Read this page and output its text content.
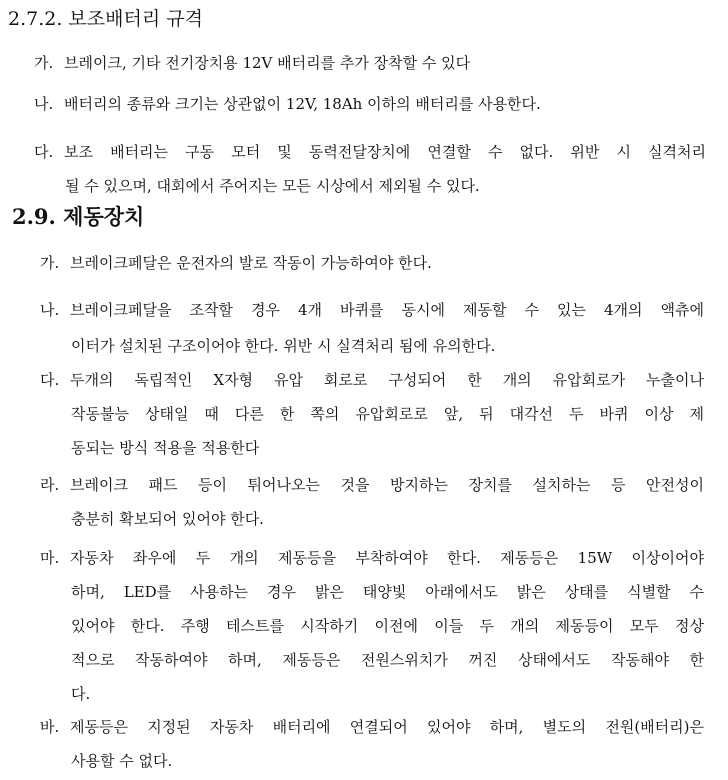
2.7.2. 보조배터리 규격
가. 브레이크, 기타 전기장치용 12V 배터리를 추가 장착할 수 있다
나. 배터리의 종류와 크기는 상관없이 12V, 18Ah 이하의 배터리를 사용한다.
다. 보조 배터리는 구동 모터 및 동력전달장치에 연결할 수 없다. 위반 시 실격처리
될 수 있으며, 대회에서 주어지는 모든 시상에서 제외될 수 있다.
2.9. 제동장치
가. 브레이크페달은 운전자의 발로 작동이 가능하여야 한다.
나. 브레이크페달을 조작할 경우 4개 바퀴를 동시에 제동할 수 있는 4개의 액츄에
이터가 설치된 구조이어야 한다. 위반 시 실격처리 됨에 유의한다.
다. 두개의 독립적인 X자형 유압 회로로 구성되어 한 개의 유압회로가 누출이나
작동불능 상태일 때 다른 한 쪽의 유압회로로 앞, 뒤 대각선 두 바퀴 이상 제
동되는 방식 적용을 적용한다
라. 브레이크 패드 등이 튀어나오는 것을 방지하는 장치를 설치하는 등 안전성이
충분히 확보되어 있어야 한다.
마. 자동차 좌우에 두 개의 제동등을 부착하여야 한다. 제동등은 15W 이상이어야
하며, LED를 사용하는 경우 밝은 태양빛 아래에서도 밝은 상태를 식별할 수
있어야 한다. 주행 테스트를 시작하기 이전에 이들 두 개의 제동등이 모두 정상
적으로 작동하여야 하며, 제동등은 전원스위치가 꺼진 상태에서도 작동해야 한
다.
바. 제동등은 지정된 자동차 배터리에 연결되어 있어야 하며, 별도의 전원(배터리)은
사용할 수 없다.
